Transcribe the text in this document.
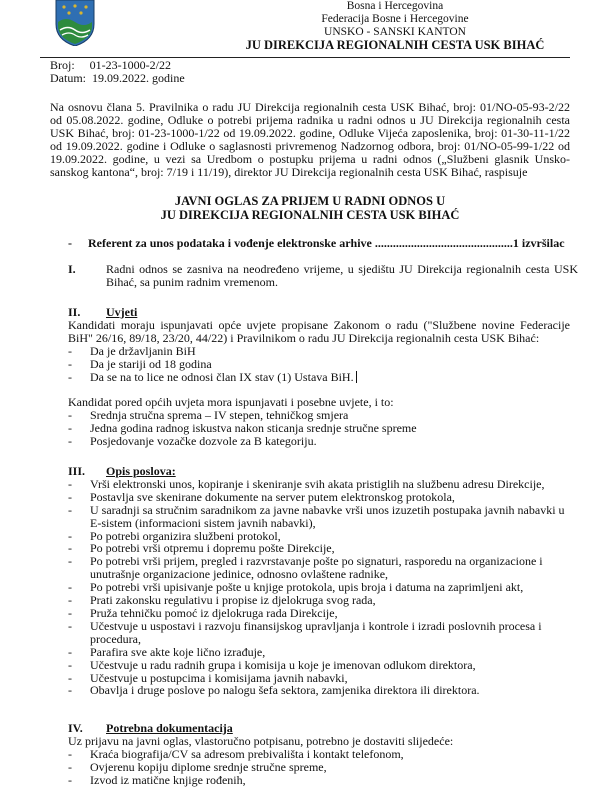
Bosna i Hercegovina
Federacija Bosne i Hercegovine
UNSKO - SANSKI KANTON
JU DIREKCIJA REGIONALNIH CESTA USK BIHAĆ
Broj:     01-23-1000-2/22
Datum:  19.09.2022. godine
Na osnovu člana 5. Pravilnika o radu JU Direkcija regionalnih cesta USK Bihać, broj: 01/NO-05-93-2/22 od 05.08.2022. godine, Odluke o potrebi prijema radnika u radni odnos u JU Direkcija regionalnih cesta USK Bihać, broj: 01-23-1000-1/22 od 19.09.2022. godine, Odluke Vijeća zaposlenika, broj: 01-30-11-1/22 od 19.09.2022. godine i Odluke o saglasnosti privremenog Nadzornog odbora, broj: 01/NO-05-99-1/22 od 19.09.2022. godine, u vezi sa Uredbom o postupku prijema u radni odnos („Službeni glasnik Unsko-sanskog kantona“, broj: 7/19 i 11/19), direktor JU Direkcija regionalnih cesta USK Bihać, raspisuje
JAVNI OGLAS ZA PRIJEM U RADNI ODNOS U
JU DIREKCIJA REGIONALNIH CESTA USK BIHAĆ
- Referent za unos podataka i vođenje elektronske arhive ..............................................1 izvršilac
I.	Radni odnos se zasniva na neodređeno vrijeme, u sjedištu JU Direkcija regionalnih cesta USK Bihać, sa punim radnim vremenom.
II. Uvjeti
Kandidati moraju ispunjavati opće uvjete propisane Zakonom o radu ("Službene novine Federacije BiH" 26/16, 89/18, 23/20, 44/22) i Pravilnikom o radu JU Direkcija regionalnih cesta USK Bihać:
-	Da je državljanin BiH
-	Da je stariji od 18 godina
-	Da se na to lice ne odnosi član IX stav (1) Ustava BiH.
Kandidat pored općih uvjeta mora ispunjavati i posebne uvjete, i to:
-	Srednja stručna sprema – IV stepen, tehničkog smjera
-	Jedna godina radnog iskustva nakon sticanja srednje stručne spreme
-	Posjedovanje vozačke dozvole za B kategoriju.
III. Opis poslova:
-	Vrši elektronski unos, kopiranje i skeniranje svih akata pristiglih na službenu adresu Direkcije,
-	Postavlja sve skenirane dokumente na server putem elektronskog protokola,
-	U saradnji sa stručnim saradnikom za javne nabavke vrši unos izuzetih postupaka javnih nabavki u E-sistem (informacioni sistem javnih nabavki),
-	Po potrebi organizira službeni protokol,
-	Po potrebi vrši otpremu i dopremu pošte Direkcije,
-	Po potrebi vrši prijem, pregled i razvrstavanje pošte po signaturi, rasporedu na organizacione i unutrašnje organizacione jedinice, odnosno ovlaštene radnike,
-	Po potrebi vrši upisivanje pošte u knjige protokola, upis broja i datuma na zaprimljeni akt,
-	Prati zakonsku regulativu i propise iz djelokruga svog rada,
-	Pruža tehničku pomoć iz djelokruga rada Direkcije,
-	Učestvuje u uspostavi i razvoju finansijskog upravljanja i kontrole i izradi poslovnih procesa i procedura,
-	Parafira sve akte koje lično izrađuje,
-	Učestvuje u radu radnih grupa i komisija u koje je imenovan odlukom direktora,
-	Učestvuje u postupcima i komisijama javnih nabavki,
-	Obavlja i druge poslove po nalogu šefa sektora, zamjenika direktora ili direktora.
IV. Potrebna dokumentacija
Uz prijavu na javni oglas, vlastoručno potpisanu, potrebno je dostaviti slijedeće:
-	Kraća biografija/CV sa adresom prebivališta i kontakt telefonom,
-	Ovjerenu kopiju diplome srednje stručne spreme,
-	Izvod iz matične knjige rođenih,
